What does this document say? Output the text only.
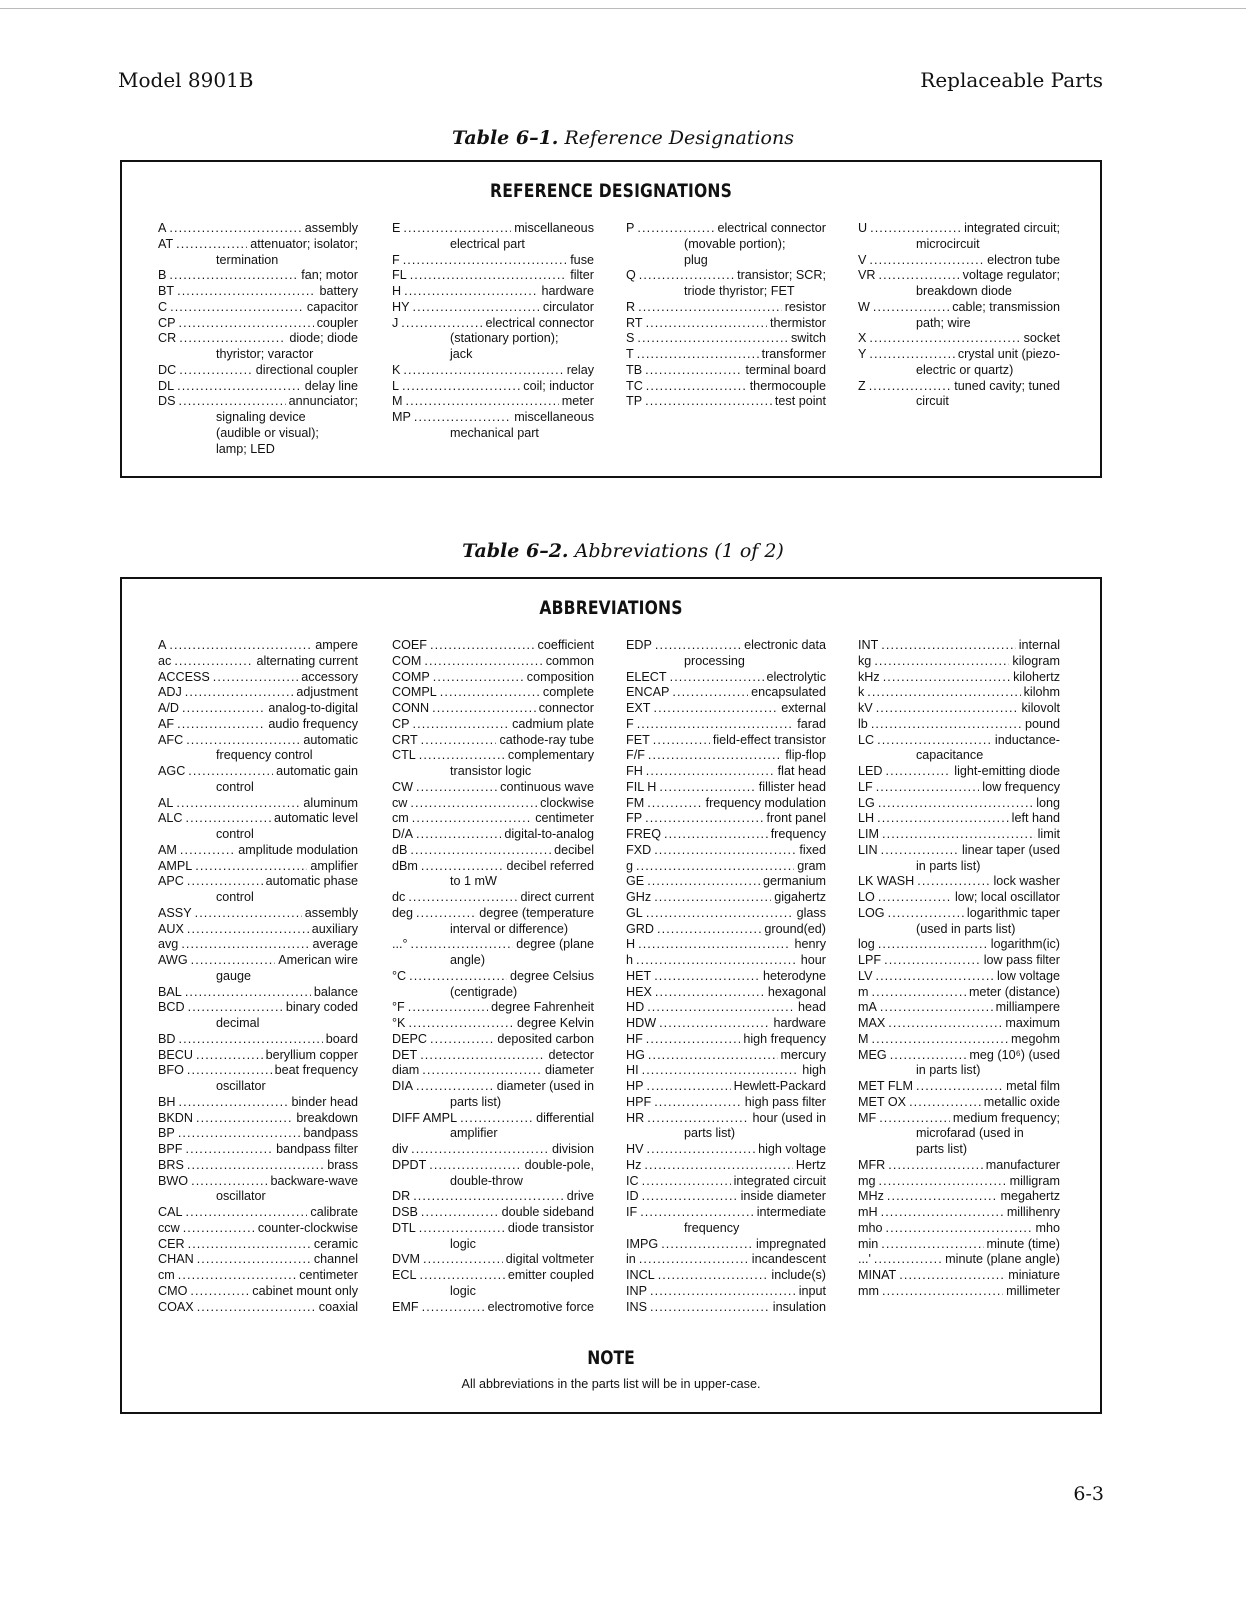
Model 8901B	Replaceable Parts
Table 6–1. Reference Designations
REFERENCE DESIGNATIONS
A . . .	assembly
AT . . .	attenuator; isolator;
termination
B . . .	fan; motor
BT . . .	battery
C . . .	capacitor
CP . . .	coupler
CR . . .	diode; diode
thyristor; varactor
DC . . .	directional coupler
DL . . .	delay line
DS . . .	annunciator;
signaling device
(audible or visual);
lamp; LED
E . . .	miscellaneous
electrical part
F . . .	fuse
FL . . .	filter
H . . .	hardware
HY . . .	circulator
J . . .	electrical connector
(stationary portion);
jack
K . . .	relay
L . . .	coil; inductor
M . . .	meter
MP . . .	miscellaneous
mechanical part
P . . .	electrical connector
(movable portion);
plug
Q . . .	transistor; SCR;
triode thyristor; FET
R . . .	resistor
RT . . .	thermistor
S . . .	switch
T . . .	transformer
TB . . .	terminal board
TC . . .	thermocouple
TP . . .	test point
U . . .	integrated circuit;
microcircuit
V . . .	electron tube
VR . . .	voltage regulator;
breakdown diode
W . . .	cable; transmission
path; wire
X . . .	socket
Y . . .	crystal unit (piezo-
electric or quartz)
Z . . .	tuned cavity; tuned
circuit
Table 6–2. Abbreviations (1 of 2)
ABBREVIATIONS
A . . .	ampere
ac . . .	alternating current
ACCESS . . .	accessory
ADJ . . .	adjustment
A/D . . .	analog-to-digital
AF . . .	audio frequency
AFC . . .	automatic
frequency control
AGC . . .	automatic gain
control
AL . . .	aluminum
ALC . . .	automatic level
control
AM . . .	amplitude modulation
AMPL . . .	amplifier
APC . . .	automatic phase
control
ASSY . . .	assembly
AUX . . .	auxiliary
avg . . .	average
AWG . . .	American wire
gauge
BAL . . .	balance
BCD . . .	binary coded
decimal
BD . . .	board
BECU . . .	beryllium copper
BFO . . .	beat frequency
oscillator
BH . . .	binder head
BKDN . . .	breakdown
BP . . .	bandpass
BPF . . .	bandpass filter
BRS . . .	brass
BWO . . .	backware-wave
oscillator
CAL . . .	calibrate
ccw . . .	counter-clockwise
CER . . .	ceramic
CHAN . . .	channel
cm . . .	centimeter
CMO . . .	cabinet mount only
COAX . . .	coaxial
COEF . . .	coefficient
COM . . .	common
COMP . . .	composition
COMPL . . .	complete
CONN . . .	connector
CP . . .	cadmium plate
CRT . . .	cathode-ray tube
CTL . . .	complementary
transistor logic
CW . . .	continuous wave
cw . . .	clockwise
cm . . .	centimeter
D/A . . .	digital-to-analog
dB . . .	decibel
dBm . . .	decibel referred
to 1 mW
dc . . .	direct current
deg . . .	degree (temperature
interval or difference)
...° . . .	degree (plane
angle)
°C . . .	degree Celsius
(centigrade)
°F . . .	degree Fahrenheit
°K . . .	degree Kelvin
DEPC . . .	deposited carbon
DET . . .	detector
diam . . .	diameter
DIA . . .	diameter (used in
parts list)
DIFF AMPL . . .	differential
amplifier
div . . .	division
DPDT . . .	double-pole,
double-throw
DR . . .	drive
DSB . . .	double sideband
DTL . . .	diode transistor
logic
DVM . . .	digital voltmeter
ECL . . .	emitter coupled
logic
EMF . . .	electromotive force
EDP . . .	electronic data
processing
ELECT . . .	electrolytic
ENCAP . . .	encapsulated
EXT . . .	external
F . . .	farad
FET . . .	field-effect transistor
F/F . . .	flip-flop
FH . . .	flat head
FIL H . . .	fillister head
FM . . .	frequency modulation
FP . . .	front panel
FREQ . . .	frequency
FXD . . .	fixed
g . . .	gram
GE . . .	germanium
GHz . . .	gigahertz
GL . . .	glass
GRD . . .	ground(ed)
H . . .	henry
h . . .	hour
HET . . .	heterodyne
HEX . . .	hexagonal
HD . . .	head
HDW . . .	hardware
HF . . .	high frequency
HG . . .	mercury
HI . . .	high
HP . . .	Hewlett-Packard
HPF . . .	high pass filter
HR . . .	hour (used in
parts list)
HV . . .	high voltage
Hz . . .	Hertz
IC . . .	integrated circuit
ID . . .	inside diameter
IF . . .	intermediate
frequency
IMPG . . .	impregnated
in . . .	incandescent
INCL . . .	include(s)
INP . . .	input
INS . . .	insulation
INT . . .	internal
kg . . .	kilogram
kHz . . .	kilohertz
k . . .	kilohm
kV . . .	kilovolt
lb . . .	pound
LC . . .	inductance-
capacitance
LED . . .	light-emitting diode
LF . . .	low frequency
LG . . .	long
LH . . .	left hand
LIM . . .	limit
LIN . . .	linear taper (used
in parts list)
LK WASH . . .	lock washer
LO . . .	low; local oscillator
LOG . . .	logarithmic taper
(used in parts list)
log . . .	logarithm(ic)
LPF . . .	low pass filter
LV . . .	low voltage
m . . .	meter (distance)
mA . . .	milliampere
MAX . . .	maximum
M . . .	megohm
MEG . . .	meg (10⁶) (used
in parts list)
MET FLM . . .	metal film
MET OX . . .	metallic oxide
MF . . .	medium frequency;
microfarad (used in
parts list)
MFR . . .	manufacturer
mg . . .	milligram
MHz . . .	megahertz
mH . . .	millihenry
mho . . .	mho
min . . .	minute (time)
...' . . .	minute (plane angle)
MINAT . . .	miniature
mm . . .	millimeter
NOTE
All abbreviations in the parts list will be in upper-case.
6-3
